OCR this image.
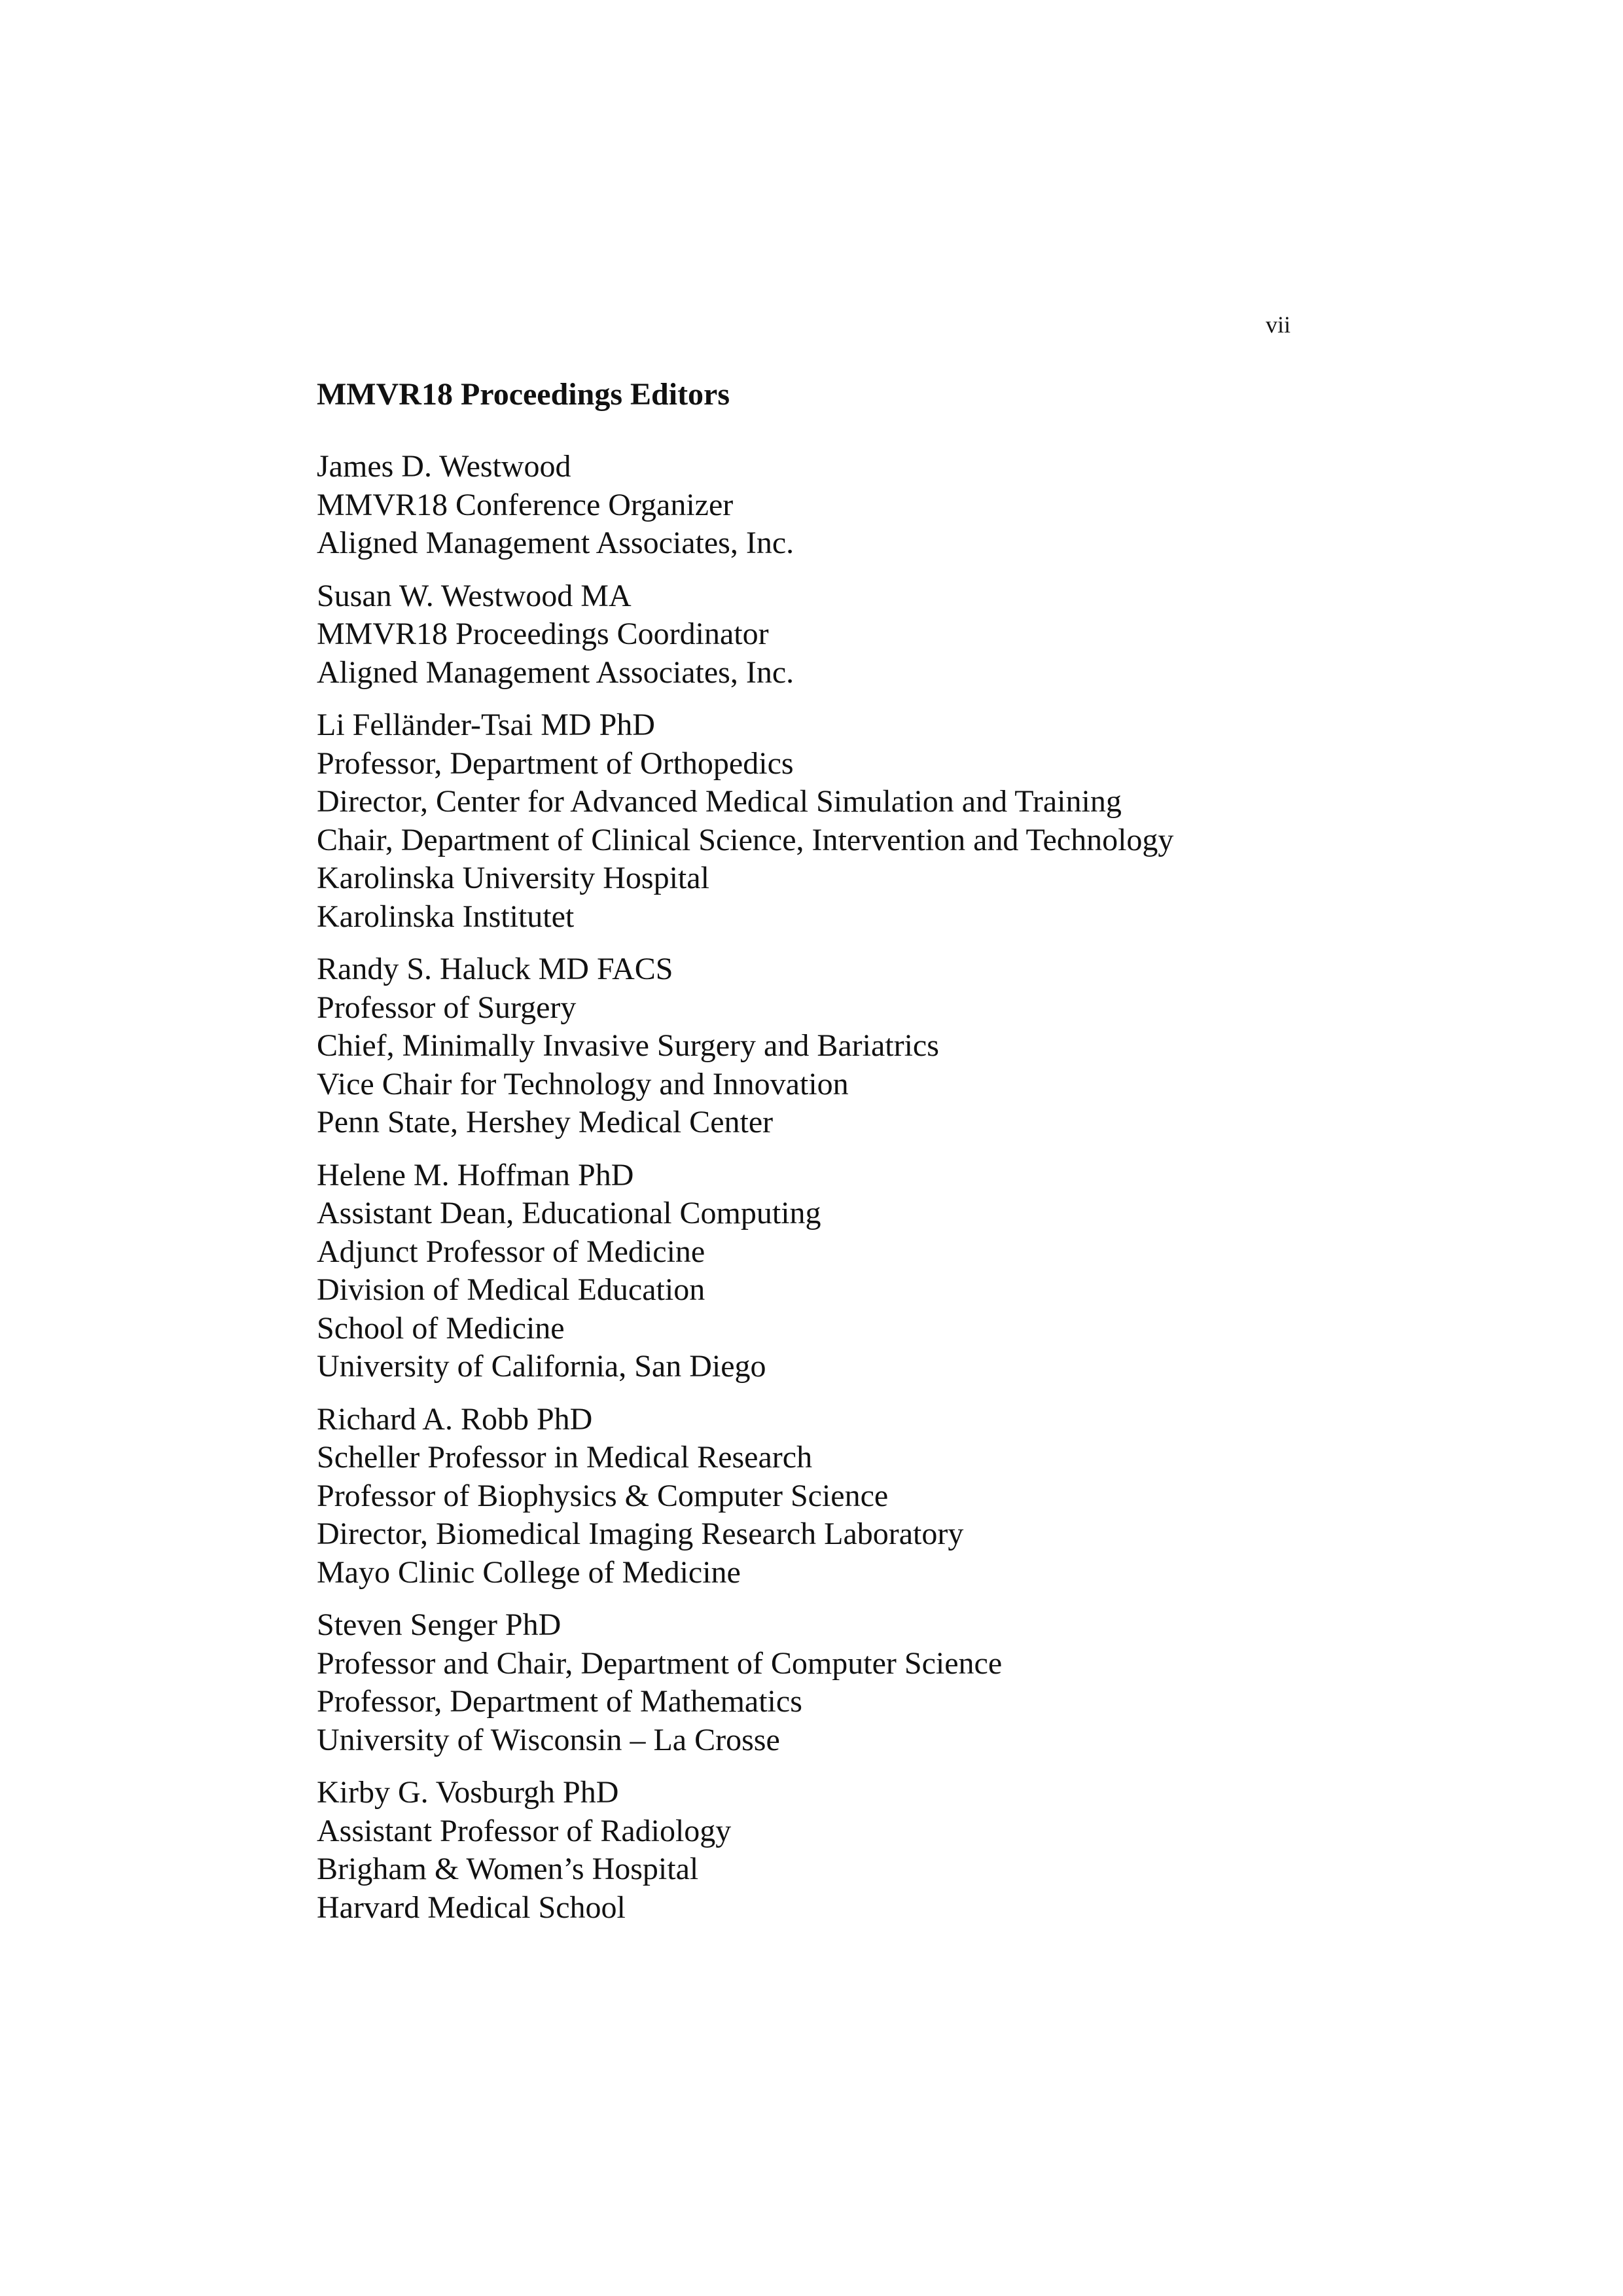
vii
MMVR18 Proceedings Editors
James D. Westwood
MMVR18 Conference Organizer
Aligned Management Associates, Inc.
Susan W. Westwood MA
MMVR18 Proceedings Coordinator
Aligned Management Associates, Inc.
Li Felländer-Tsai MD PhD
Professor, Department of Orthopedics
Director, Center for Advanced Medical Simulation and Training
Chair, Department of Clinical Science, Intervention and Technology
Karolinska University Hospital
Karolinska Institutet
Randy S. Haluck MD FACS
Professor of Surgery
Chief, Minimally Invasive Surgery and Bariatrics
Vice Chair for Technology and Innovation
Penn State, Hershey Medical Center
Helene M. Hoffman PhD
Assistant Dean, Educational Computing
Adjunct Professor of Medicine
Division of Medical Education
School of Medicine
University of California, San Diego
Richard A. Robb PhD
Scheller Professor in Medical Research
Professor of Biophysics & Computer Science
Director, Biomedical Imaging Research Laboratory
Mayo Clinic College of Medicine
Steven Senger PhD
Professor and Chair, Department of Computer Science
Professor, Department of Mathematics
University of Wisconsin – La Crosse
Kirby G. Vosburgh PhD
Assistant Professor of Radiology
Brigham & Women’s Hospital
Harvard Medical School
